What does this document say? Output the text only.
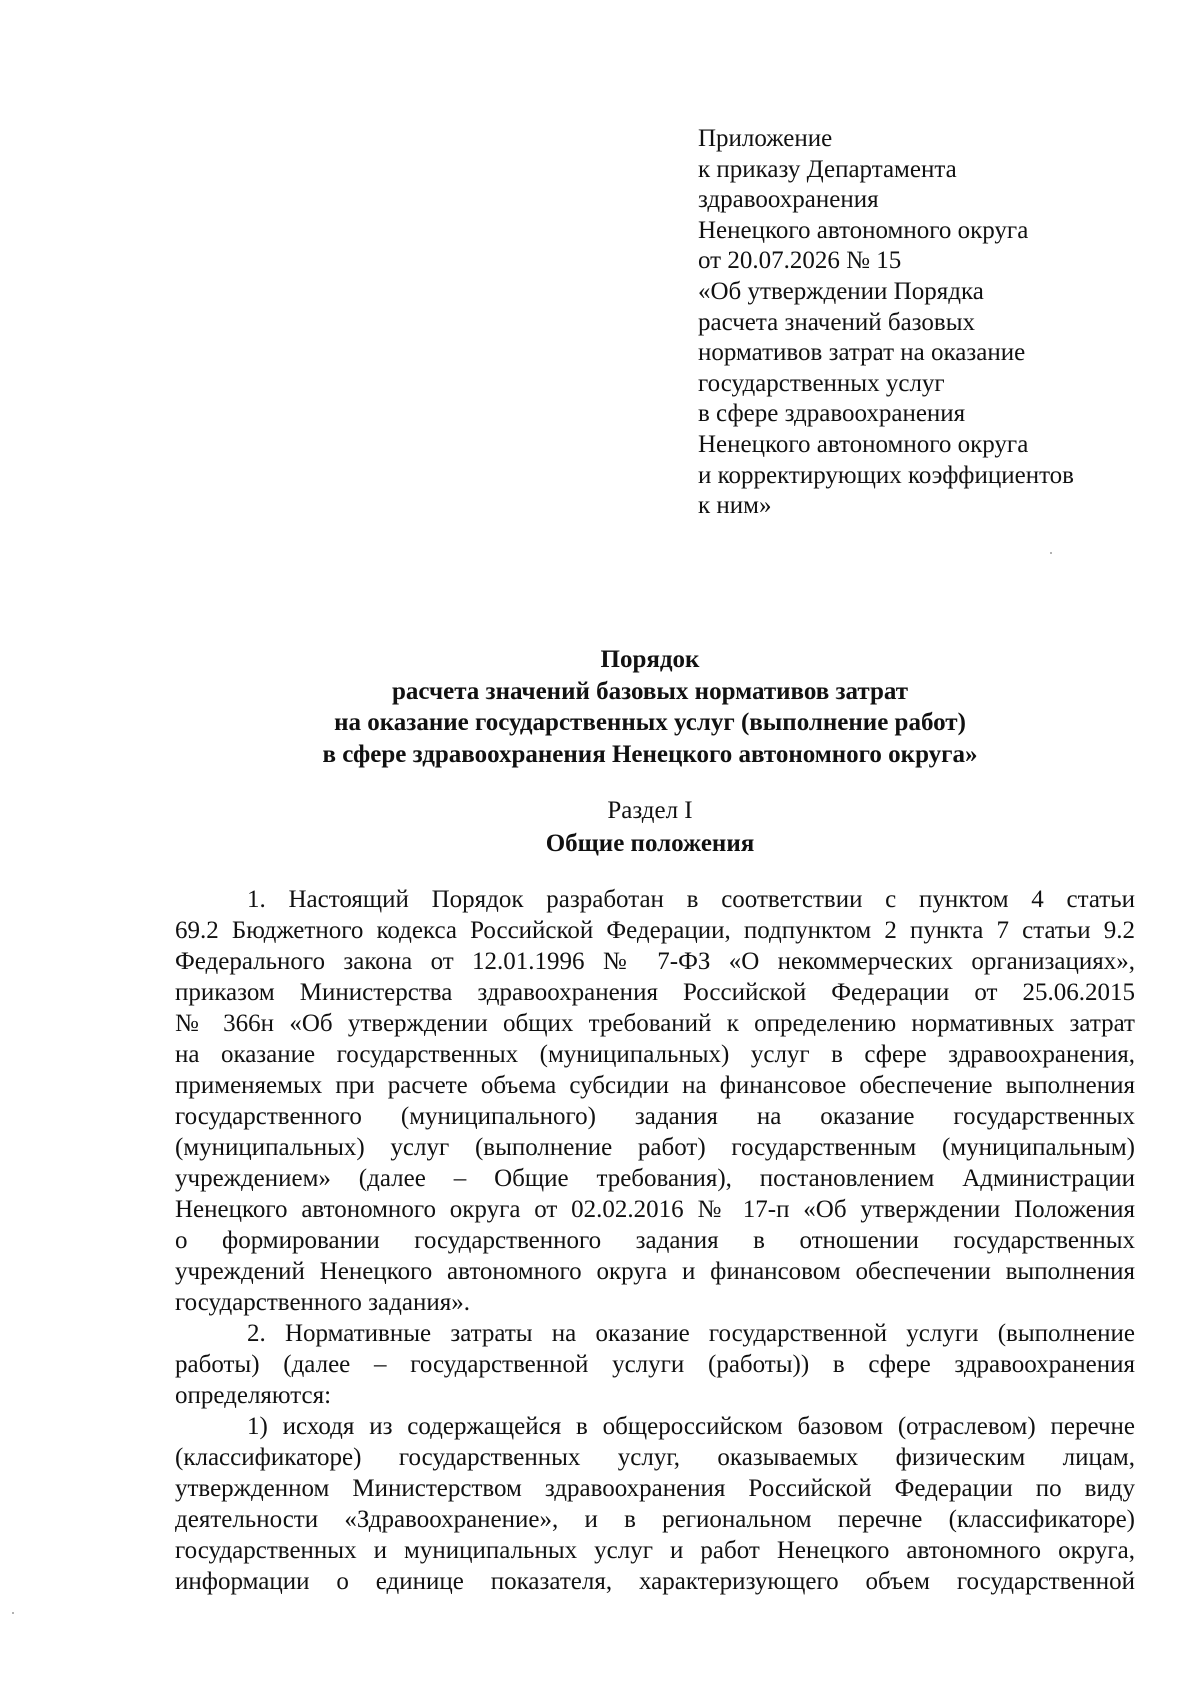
Приложение
к приказу Департамента
здравоохранения
Ненецкого автономного округа
от 20.07.2026 № 15
«Об утверждении Порядка
расчета значений базовых
нормативов затрат на оказание
государственных услуг
в сфере здравоохранения
Ненецкого автономного округа
и корректирующих коэффициентов
к ним»
Порядок
расчета значений базовых нормативов затрат
на оказание государственных услуг (выполнение работ)
в сфере здравоохранения Ненецкого автономного округа»
Раздел I
Общие положения
1. Настоящий Порядок разработан в соответствии с пунктом 4 статьи
69.2 Бюджетного кодекса Российской Федерации, подпунктом 2 пункта 7 статьи 9.2
Федерального закона от 12.01.1996 № 7-ФЗ «О некоммерческих организациях»,
приказом Министерства здравоохранения Российской Федерации от 25.06.2015
№ 366н «Об утверждении общих требований к определению нормативных затрат
на оказание государственных (муниципальных) услуг в сфере здравоохранения,
применяемых при расчете объема субсидии на финансовое обеспечение выполнения
государственного (муниципального) задания на оказание государственных
(муниципальных) услуг (выполнение работ) государственным (муниципальным)
учреждением» (далее – Общие требования), постановлением Администрации
Ненецкого автономного округа от 02.02.2016 № 17-п «Об утверждении Положения
о формировании государственного задания в отношении государственных
учреждений Ненецкого автономного округа и финансовом обеспечении выполнения
государственного задания».
2. Нормативные затраты на оказание государственной услуги (выполнение
работы) (далее – государственной услуги (работы)) в сфере здравоохранения
определяются:
1) исходя из содержащейся в общероссийском базовом (отраслевом) перечне
(классификаторе) государственных услуг, оказываемых физическим лицам,
утвержденном Министерством здравоохранения Российской Федерации по виду
деятельности «Здравоохранение», и в региональном перечне (классификаторе)
государственных и муниципальных услуг и работ Ненецкого автономного округа,
информации о единице показателя, характеризующего объем государственной
